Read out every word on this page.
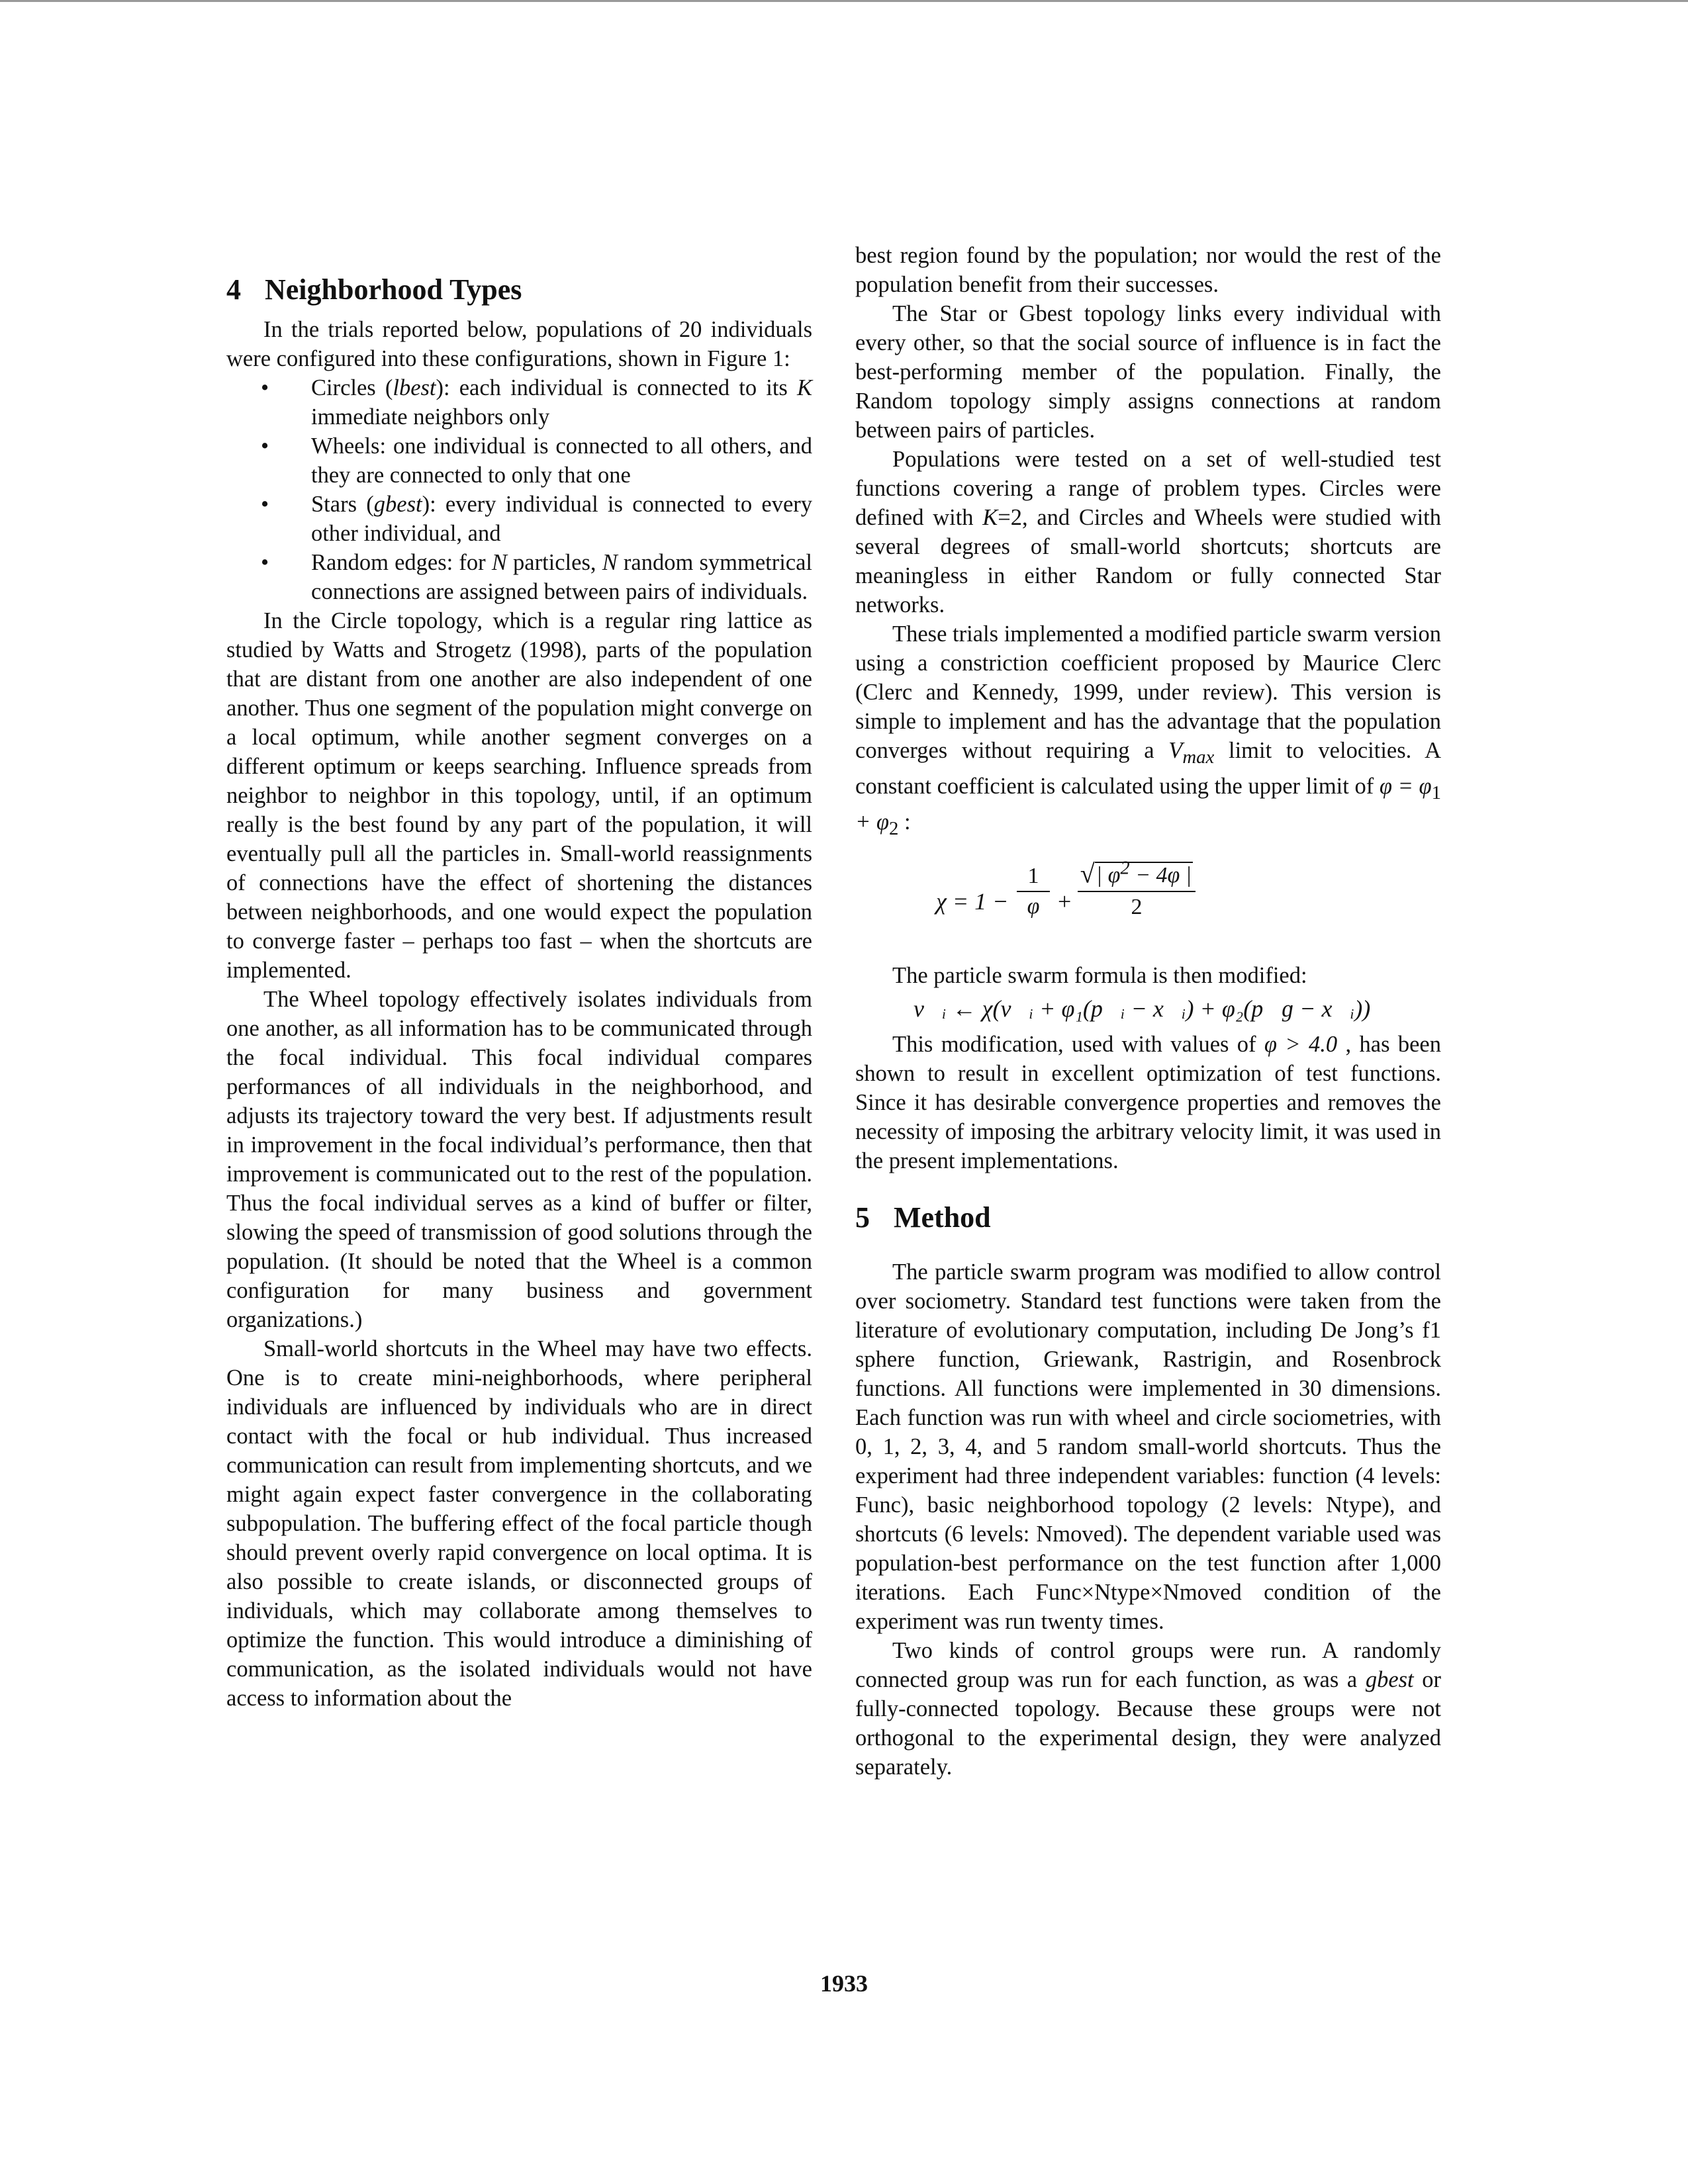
4 Neighborhood Types

In the trials reported below, populations of 20 individuals were configured into these configurations, shown in Figure 1:

• Circles (lbest): each individual is connected to its K immediate neighbors only
• Wheels: one individual is connected to all others, and they are connected to only that one
• Stars (gbest): every individual is connected to every other individual, and
• Random edges: for N particles, N random symmetrical connections are assigned between pairs of individuals.

In the Circle topology, which is a regular ring lattice as studied by Watts and Strogetz (1998), parts of the population that are distant from one another are also independent of one another. Thus one segment of the population might converge on a local optimum, while another segment converges on a different optimum or keeps searching. Influence spreads from neighbor to neighbor in this topology, until, if an optimum really is the best found by any part of the population, it will eventually pull all the particles in. Small-world reassignments of connections have the effect of shortening the distances between neighborhoods, and one would expect the population to converge faster – perhaps too fast – when the shortcuts are implemented.

The Wheel topology effectively isolates individuals from one another, as all information has to be communicated through the focal individual. This focal individual compares performances of all individuals in the neighborhood, and adjusts its trajectory toward the very best. If adjustments result in improvement in the focal individual’s performance, then that improvement is communicated out to the rest of the population. Thus the focal individual serves as a kind of buffer or filter, slowing the speed of transmission of good solutions through the population. (It should be noted that the Wheel is a common configuration for many business and government organizations.)

Small-world shortcuts in the Wheel may have two effects. One is to create mini-neighborhoods, where peripheral individuals are influenced by individuals who are in direct contact with the focal or hub individual. Thus increased communication can result from implementing shortcuts, and we might again expect faster convergence in the collaborating subpopulation. The buffering effect of the focal particle though should prevent overly rapid convergence on local optima. It is also possible to create islands, or disconnected groups of individuals, which may collaborate among themselves to optimize the function. This would introduce a diminishing of communication, as the isolated individuals would not have access to information about the

best region found by the population; nor would the rest of the population benefit from their successes.

The Star or Gbest topology links every individual with every other, so that the social source of influence is in fact the best-performing member of the population. Finally, the Random topology simply assigns connections at random between pairs of particles.

Populations were tested on a set of well-studied test functions covering a range of problem types. Circles were defined with K=2, and Circles and Wheels were studied with several degrees of small-world shortcuts; shortcuts are meaningless in either Random or fully connected Star networks.

These trials implemented a modified particle swarm version using a constriction coefficient proposed by Maurice Clerc (Clerc and Kennedy, 1999, under review). This version is simple to implement and has the advantage that the population converges without requiring a $V_{max}$ limit to velocities. A constant coefficient is calculated using the upper limit of $\varphi = \varphi_1 + \varphi_2$ :

χ = 1 −
1
φ +
√| $\varphi^2 - 4\varphi$ |
2

The particle swarm formula is then modified:

v⃗ᵢ ← χ(v⃗ᵢ + φ₁(p⃗ᵢ − x⃗ᵢ) + φ₂(p⃗ɡ − x⃗ᵢ))

This modification, used with values of φ > 4.0 , has been shown to result in excellent optimization of test functions. Since it has desirable convergence properties and removes the necessity of imposing the arbitrary velocity limit, it was used in the present implementations.

5 Method

The particle swarm program was modified to allow control over sociometry. Standard test functions were taken from the literature of evolutionary computation, including De Jong’s f1 sphere function, Griewank, Rastrigin, and Rosenbrock functions. All functions were implemented in 30 dimensions. Each function was run with wheel and circle sociometries, with 0, 1, 2, 3, 4, and 5 random small-world shortcuts. Thus the experiment had three independent variables: function (4 levels: Func), basic neighborhood topology (2 levels: Ntype), and shortcuts (6 levels: Nmoved). The dependent variable used was population-best performance on the test function after 1,000 iterations. Each Func×Ntype×Nmoved condition of the experiment was run twenty times.

Two kinds of control groups were run. A randomly connected group was run for each function, as was a gbest or fully-connected topology. Because these groups were not orthogonal to the experimental design, they were analyzed separately.

1933
